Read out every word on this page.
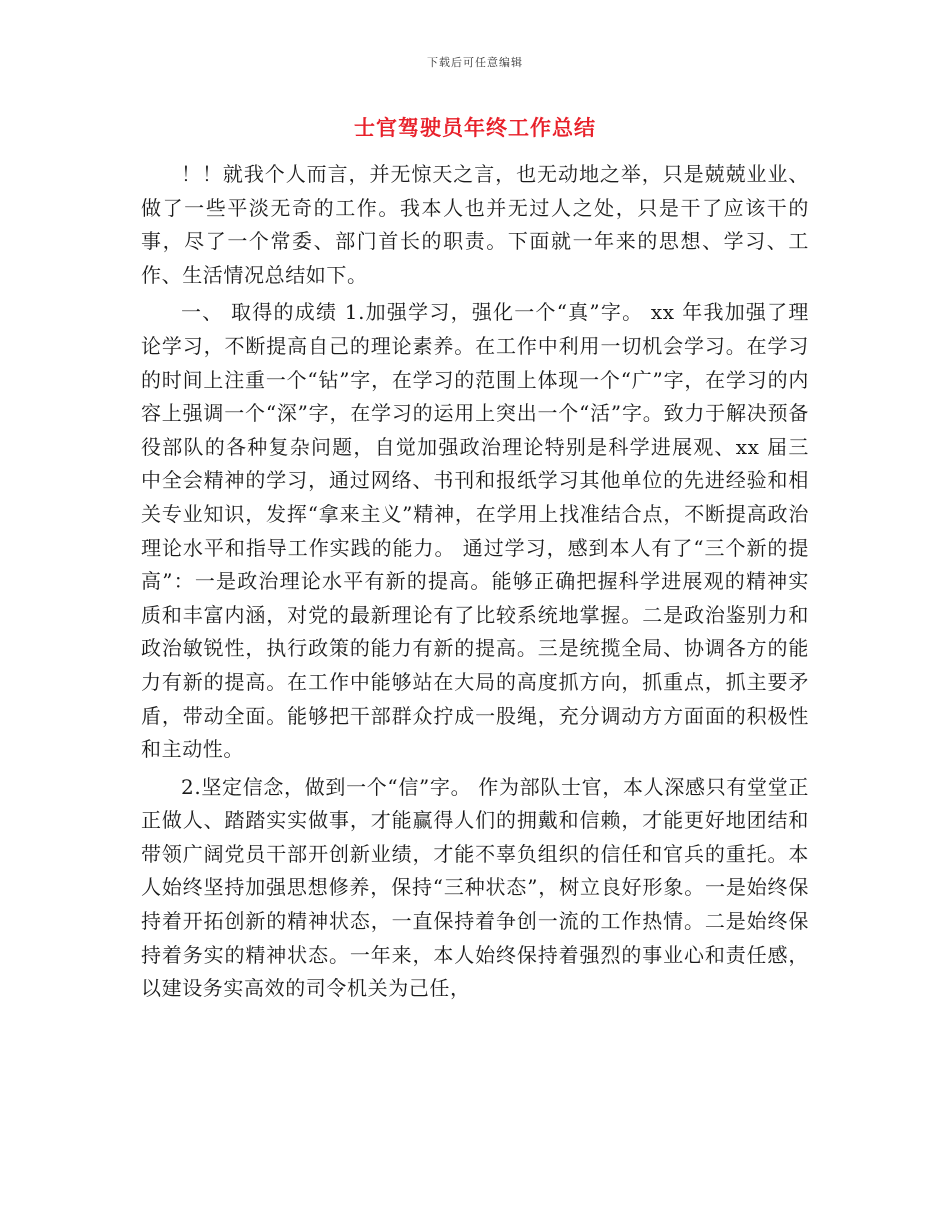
下载后可任意编辑
士官驾驶员年终工作总结

！！就我个人而言，并无惊天之言，也无动地之举，只是兢兢业业、做了一些平淡无奇的工作。我本人也并无过人之处，只是干了应该干的事，尽了一个常委、部门首长的职责。下面就一年来的思想、学习、工作、生活情况总结如下。

一、 取得的成绩 1.加强学习，强化一个“真”字。 xx 年我加强了理论学习，不断提高自己的理论素养。在工作中利用一切机会学习。在学习的时间上注重一个“钻”字，在学习的范围上体现一个“广”字，在学习的内容上强调一个“深”字，在学习的运用上突出一个“活”字。致力于解决预备役部队的各种复杂问题，自觉加强政治理论特别是科学进展观、xx 届三中全会精神的学习，通过网络、书刊和报纸学习其他单位的先进经验和相关专业知识，发挥“拿来主义”精神，在学用上找准结合点，不断提高政治理论水平和指导工作实践的能力。 通过学习，感到本人有了“三个新的提高”：一是政治理论水平有新的提高。能够正确把握科学进展观的精神实质和丰富内涵，对党的最新理论有了比较系统地掌握。二是政治鉴别力和政治敏锐性，执行政策的能力有新的提高。三是统揽全局、协调各方的能力有新的提高。在工作中能够站在大局的高度抓方向，抓重点，抓主要矛盾，带动全面。能够把干部群众拧成一股绳，充分调动方方面面的积极性和主动性。

2.坚定信念，做到一个“信”字。 作为部队士官，本人深感只有堂堂正正做人、踏踏实实做事，才能赢得人们的拥戴和信赖，才能更好地团结和带领广阔党员干部开创新业绩，才能不辜负组织的信任和官兵的重托。本人始终坚持加强思想修养，保持“三种状态”，树立良好形象。一是始终保持着开拓创新的精神状态，一直保持着争创一流的工作热情。二是始终保持着务实的精神状态。一年来，本人始终保持着强烈的事业心和责任感，以建设务实高效的司令机关为己任，
